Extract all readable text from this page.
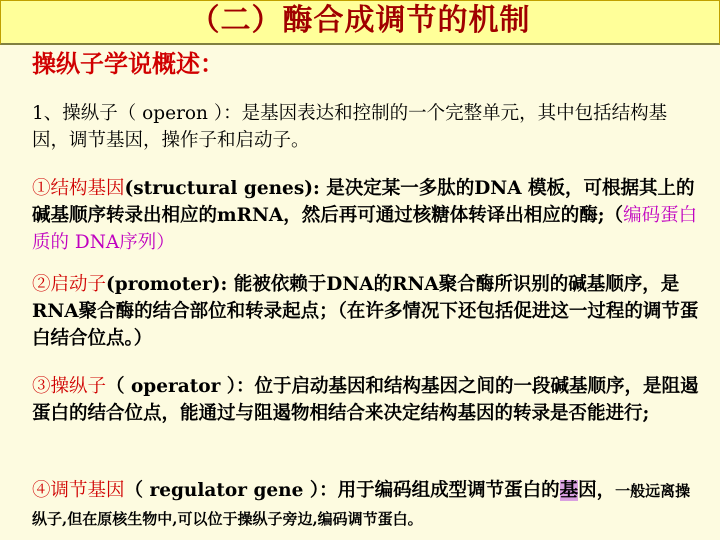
（二）酶合成调节的机制
操纵子学说概述：

1、操纵子（ operon ）：是基因表达和控制的一个完整单元，其中包括结构基因，调节基因，操作子和启动子。

①结构基因(structural genes): 是决定某一多肽的DNA 模板，可根据其上的碱基顺序转录出相应的mRNA，然后再可通过核糖体转译出相应的酶;（编码蛋白质的 DNA序列）

②启动子(promoter): 能被依赖于DNA的RNA聚合酶所识别的碱基顺序，是RNA聚合酶的结合部位和转录起点；（在许多情况下还包括促进这一过程的调节蛋白结合位点。）

③操纵子（ operator ）：位于启动基因和结构基因之间的一段碱基顺序，是阻遏蛋白的结合位点，能通过与阻遏物相结合来决定结构基因的转录是否能进行;

④调节基因（ regulator gene ）：用于编码组成型调节蛋白的基因，一般远离操纵子,但在原核生物中,可以位于操纵子旁边,编码调节蛋白。
